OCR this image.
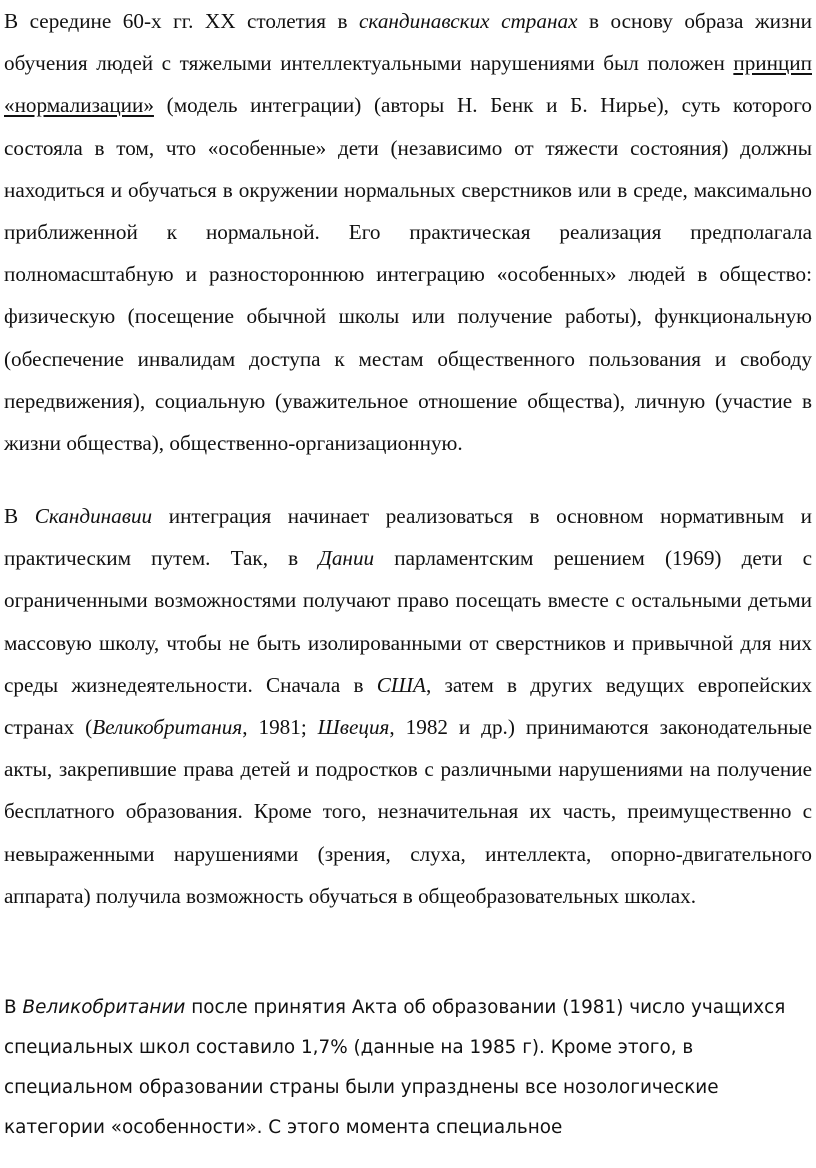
В середине 60-х гг. XX столетия в скандинавских странах в основу образа жизни обучения людей с тяжелыми интеллектуальными нарушениями был положен принцип «нормализации» (модель интеграции) (авторы Н. Бенк и Б. Нирье), суть которого состояла в том, что «особенные» дети (независимо от тяжести состояния) должны находиться и обучаться в окружении нормальных сверстников или в среде, максимально приближенной к нормальной. Его практическая реализация предполагала полномасштабную и разностороннюю интеграцию «особенных» людей в общество: физическую (посещение обычной школы или получение работы), функциональную (обеспечение инвалидам доступа к местам общественного пользования и свободу передвижения), социальную (уважительное отношение общества), личную (участие в жизни общества), общественно-организационную.

В Скандинавии интеграция начинает реализоваться в основном нормативным и практическим путем. Так, в Дании парламентским решением (1969) дети с ограниченными возможностями получают право посещать вместе с остальными детьми массовую школу, чтобы не быть изолированными от сверстников и привычной для них среды жизнедеятельности. Сначала в США, затем в других ведущих европейских странах (Великобритания, 1981; Швеция, 1982 и др.) принимаются законодательные акты, закрепившие права детей и подростков с различными нарушениями на получение бесплатного образования. Кроме того, незначительная их часть, преимущественно с невыраженными нарушениями (зрения, слуха, интеллекта, опорно-двигательного аппарата) получила возможность обучаться в общеобразовательных школах.

В Великобритании после принятия Акта об образовании (1981) число учащихся специальных школ составило 1,7% (данные на 1985 г). Кроме этого, в специальном образовании страны были упразднены все нозологические категории «особенности». С этого момента специальное
